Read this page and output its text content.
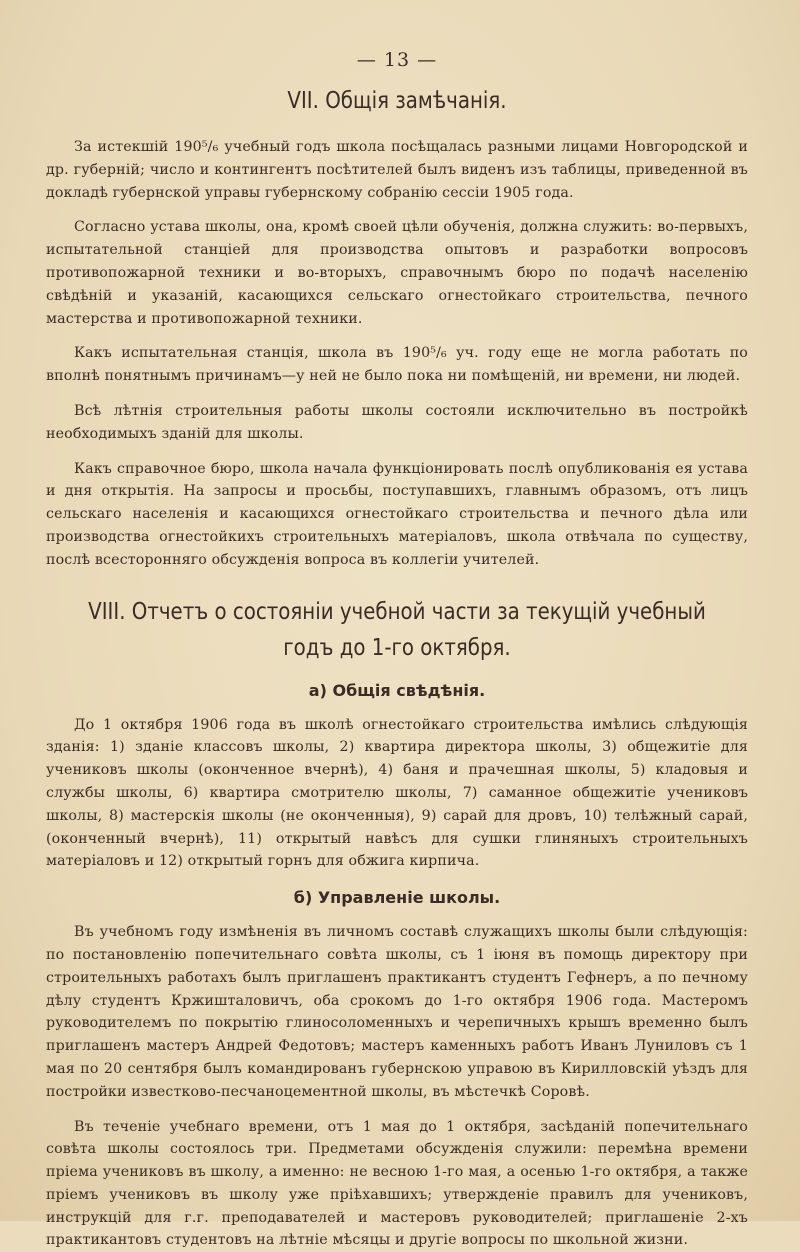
— 13 —
VII. Общія замѣчанія.

За истекшій 190⁵/₆ учебный годъ школа посѣщалась разными лицами Новгородской и др. губерній; число и контингентъ посѣтителей былъ виденъ изъ таблицы, приведенной въ докладѣ губернской управы губернскому собранію сессіи 1905 года.

Согласно устава школы, она, кромѣ своей цѣли обученія, должна служить: во-первыхъ, испытательной станціей для производства опытовъ и разработки вопросовъ противопожарной техники и во-вторыхъ, справочнымъ бюро по подачѣ населенію свѣдѣній и указаній, касающихся сельскаго огнестойкаго строительства, печного мастерства и противопожарной техники.

Какъ испытательная станція, школа въ 190⁵/₆ уч. году еще не могла работать по вполнѣ понятнымъ причинамъ—у ней не было пока ни помѣщеній, ни времени, ни людей.

Всѣ лѣтнія строительныя работы школы состояли исключительно въ постройкѣ необходимыхъ зданій для школы.

Какъ справочное бюро, школа начала функціонировать послѣ опубликованія ея устава и дня открытія. На запросы и просьбы, поступавшихъ, главнымъ образомъ, отъ лицъ сельскаго населенія и касающихся огнестойкаго строительства и печного дѣла или производства огнестойкихъ строительныхъ матеріаловъ, школа отвѣчала по существу, послѣ всесторонняго обсужденія вопроса въ коллегіи учителей.

VIII. Отчетъ о состояніи учебной части за текущій учебный годъ до 1-го октября.
а) Общія свѣдѣнія.

До 1 октября 1906 года въ школѣ огнестойкаго строительства имѣлись слѣдующія зданія: 1) зданіе классовъ школы, 2) квартира директора школы, 3) общежитіе для учениковъ школы (оконченное вчернѣ), 4) баня и прачешная школы, 5) кладовыя и службы школы, 6) квартира смотрителю школы, 7) саманное общежитіе учениковъ школы, 8) мастерскія школы (не оконченныя), 9) сарай для дровъ, 10) телѣжный сарай, (оконченный вчернѣ), 11) открытый навѣсъ для сушки глиняныхъ строительныхъ матеріаловъ и 12) открытый горнъ для обжига кирпича.

б) Управленіе школы.

Въ учебномъ году измѣненія въ личномъ составѣ служащихъ школы были слѣдующія: по постановленію попечительнаго совѣта школы, съ 1 іюня въ помощь директору при строительныхъ работахъ былъ приглашенъ практикантъ студентъ Гефнеръ, а по печному дѣлу студентъ Кржишталовичъ, оба срокомъ до 1-го октября 1906 года. Мастеромъ руководителемъ по покрытію глиносоломенныхъ и черепичныхъ крышъ временно былъ приглашенъ мастеръ Андрей Федотовъ; мастеръ каменныхъ работъ Иванъ Луниловъ съ 1 мая по 20 сентября былъ командированъ губернскою управою въ Кирилловскій уѣздъ для постройки известково-песчаноцементной школы, въ мѣстечкѣ Соровѣ.

Въ теченіе учебнаго времени, отъ 1 мая до 1 октября, засѣданій попечительнаго совѣта школы состоялось три. Предметами обсужденія служили: перемѣна времени пріема учениковъ въ школу, а именно: не весною 1-го мая, а осенью 1-го октября, а также пріемъ учениковъ въ школу уже пріѣхавшихъ; утвержденіе правилъ для учениковъ, инструкцій для г.г. преподавателей и мастеровъ руководителей; приглашеніе 2-хъ практикантовъ студентовъ на лѣтніе мѣсяцы и другіе вопросы по школьной жизни.
